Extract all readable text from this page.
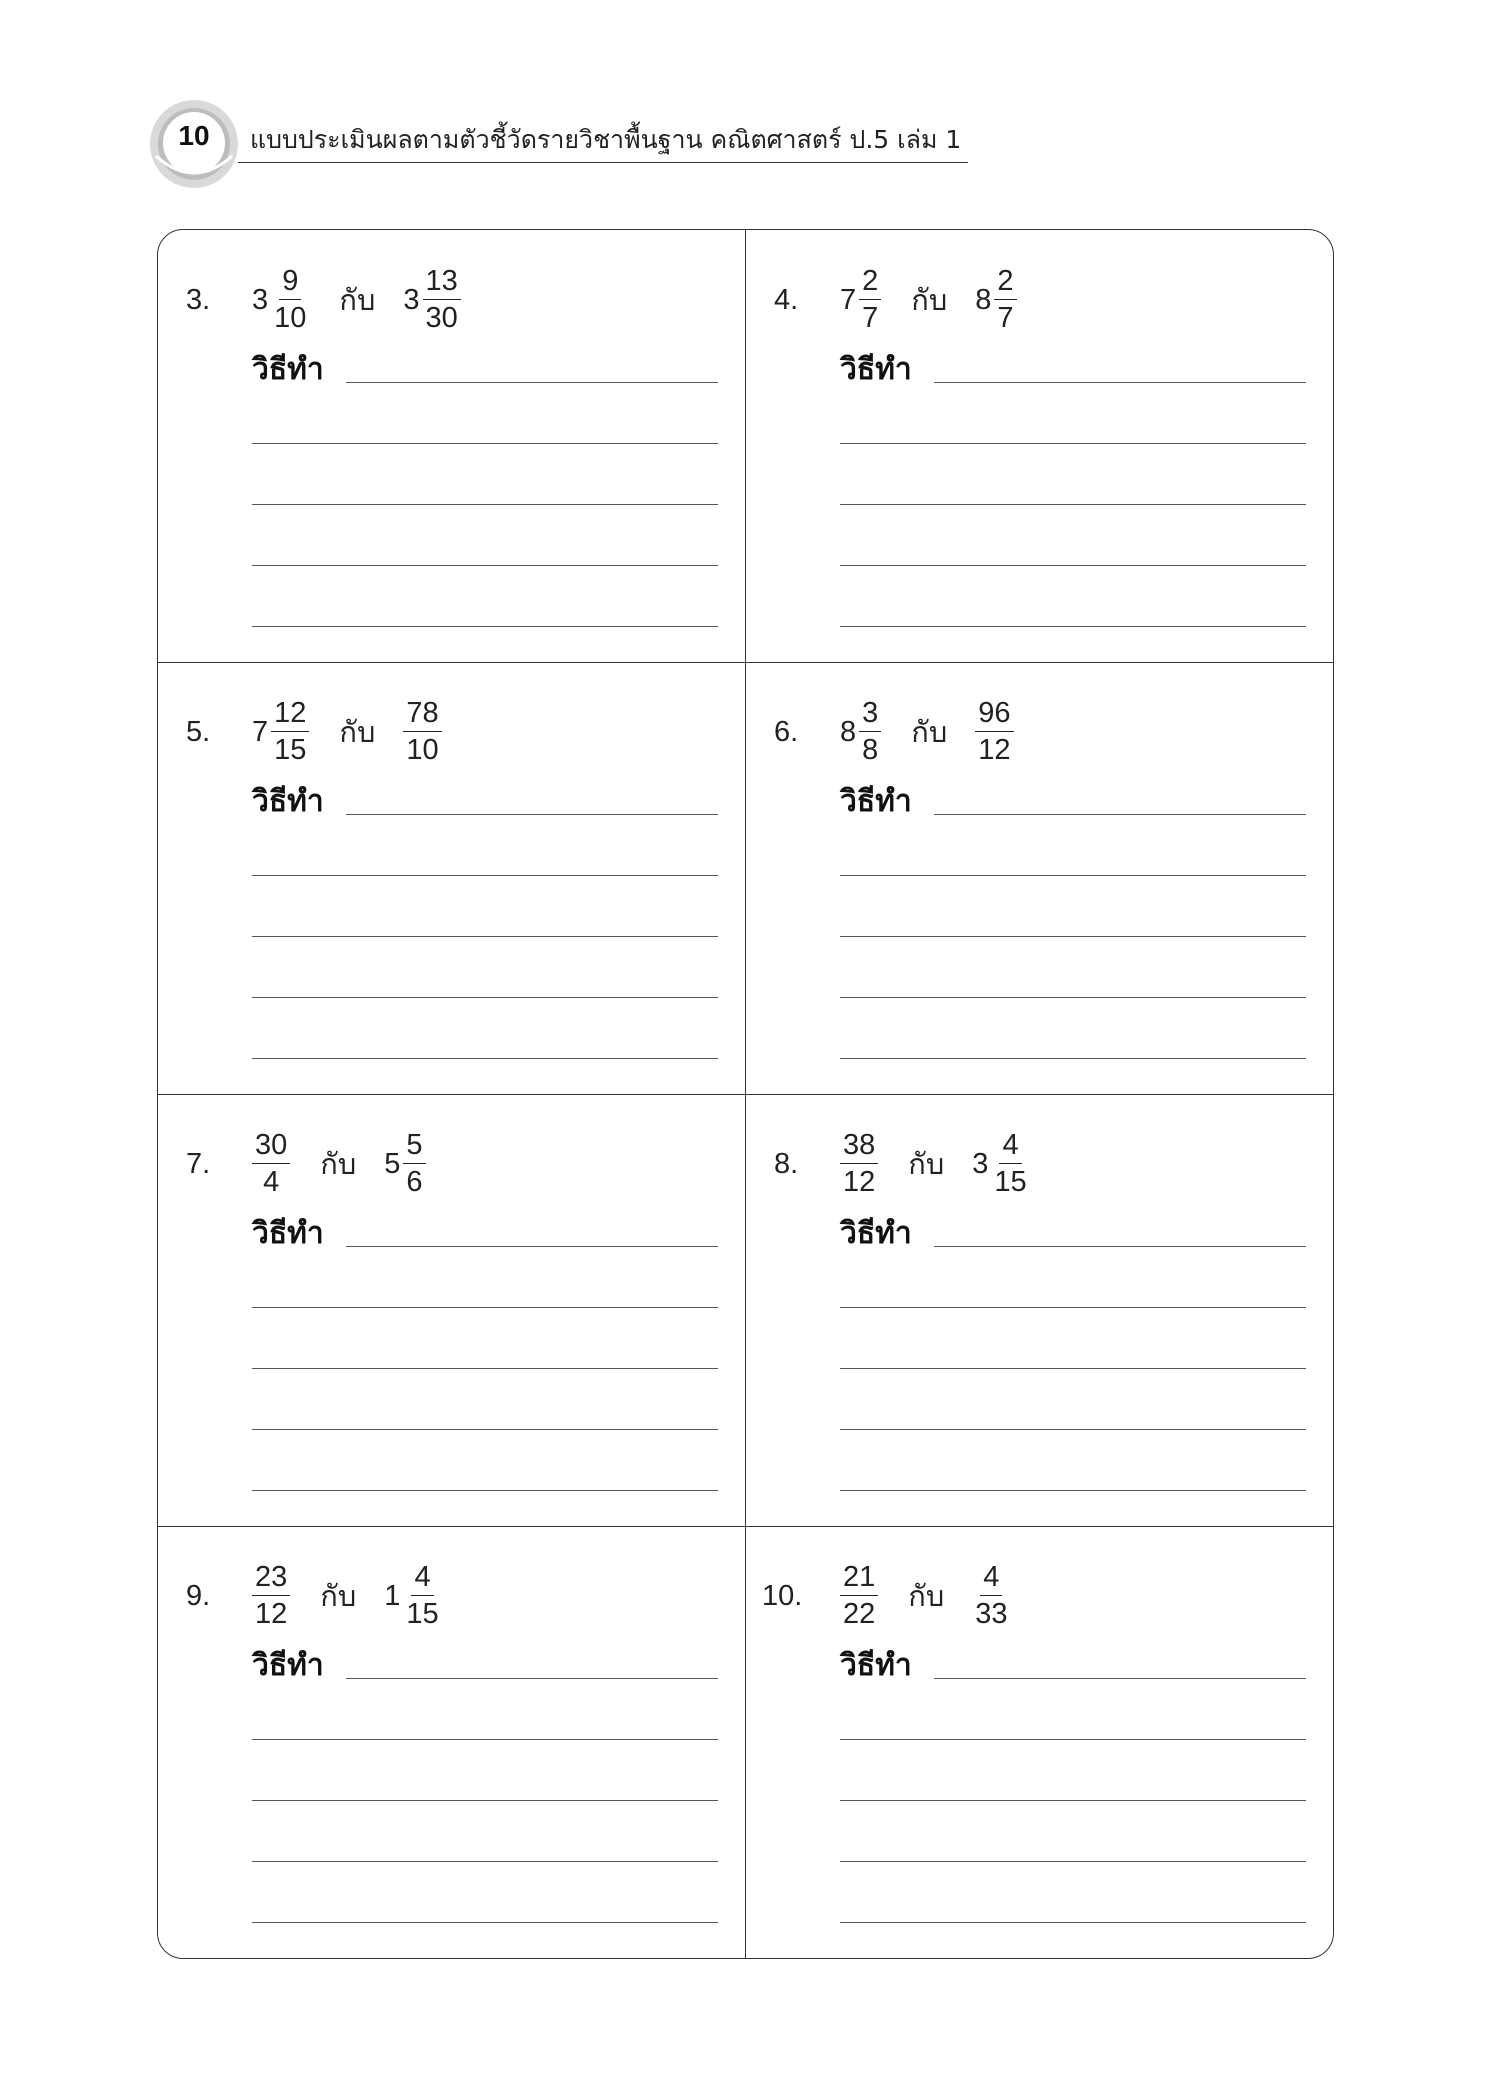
10	แบบประเมินผลตามตัวชี้วัดรายวิชาพื้นฐาน คณิตศาสตร์ ป.5 เล่ม 1
3.	$3 \frac{9}{10}$ กับ $3 \frac{13}{30}$
วิธีทำ
4.	$7 \frac{2}{7}$ กับ $8 \frac{2}{7}$
วิธีทำ
5.	$7 \frac{12}{15}$ กับ $\frac{78}{10}$
วิธีทำ
6.	$8 \frac{3}{8}$ กับ $\frac{96}{12}$
วิธีทำ
7.	$\frac{30}{4}$ กับ $5 \frac{5}{6}$
วิธีทำ
8.	$\frac{38}{12}$ กับ $3 \frac{4}{15}$
วิธีทำ
9.	$\frac{23}{12}$ กับ $1 \frac{4}{15}$
วิธีทำ
10.	$\frac{21}{22}$ กับ $\frac{4}{33}$
วิธีทำ
